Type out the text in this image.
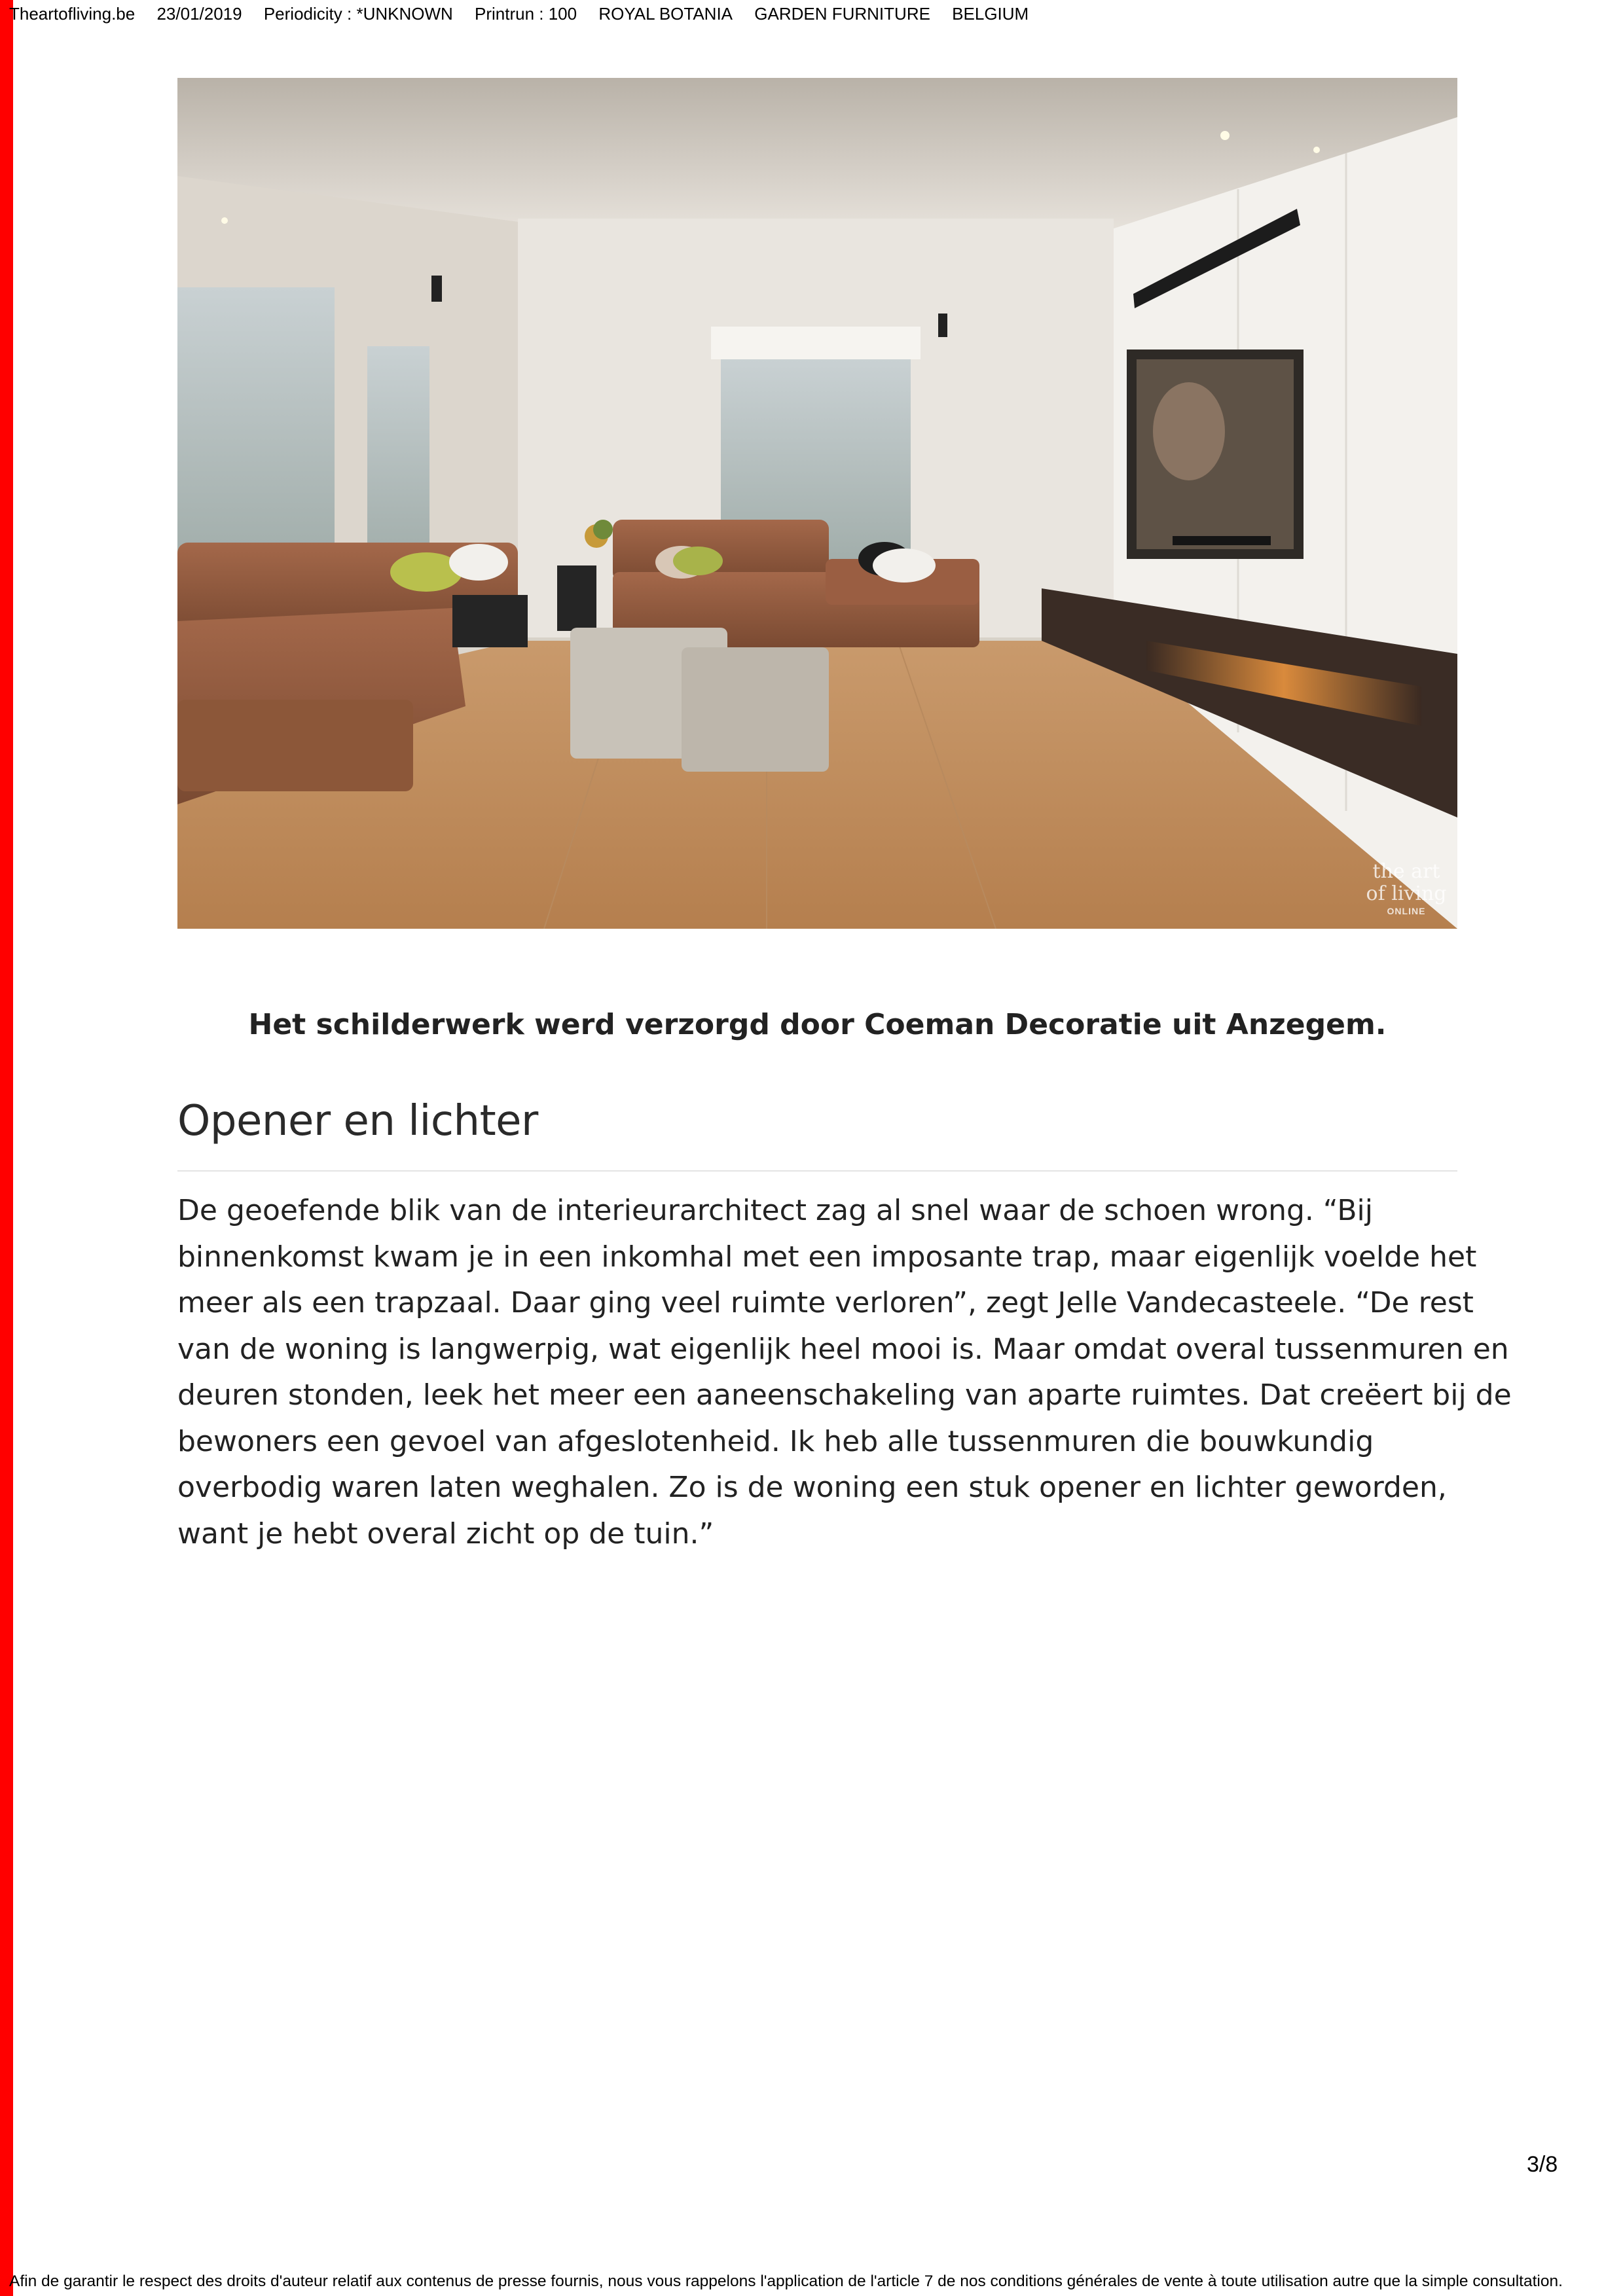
Theartofliving.be 23/01/2019 Periodicity : *UNKNOWN Printrun : 100 ROYAL BOTANIA GARDEN FURNITURE BELGIUM
the art
of living
ONLINE
Het schilderwerk werd verzorgd door Coeman Decoratie uit Anzegem.
Opener en lichter

De geoefende blik van de interieurarchitect zag al snel waar de schoen wrong. “Bij
binnenkomst kwam je in een inkomhal met een imposante trap, maar eigenlijk voelde het
meer als een trapzaal. Daar ging veel ruimte verloren”, zegt Jelle Vandecasteele. “De rest
van de woning is langwerpig, wat eigenlijk heel mooi is. Maar omdat overal tussenmuren en
deuren stonden, leek het meer een aaneenschakeling van aparte ruimtes. Dat creëert bij de
bewoners een gevoel van afgeslotenheid. Ik heb alle tussenmuren die bouwkundig
overbodig waren laten weghalen. Zo is de woning een stuk opener en lichter geworden,
want je hebt overal zicht op de tuin.”

3/8
Afin de garantir le respect des droits d'auteur relatif aux contenus de presse fournis, nous vous rappelons l'application de l'article 7 de nos conditions générales de vente à toute utilisation autre que la simple consultation.
